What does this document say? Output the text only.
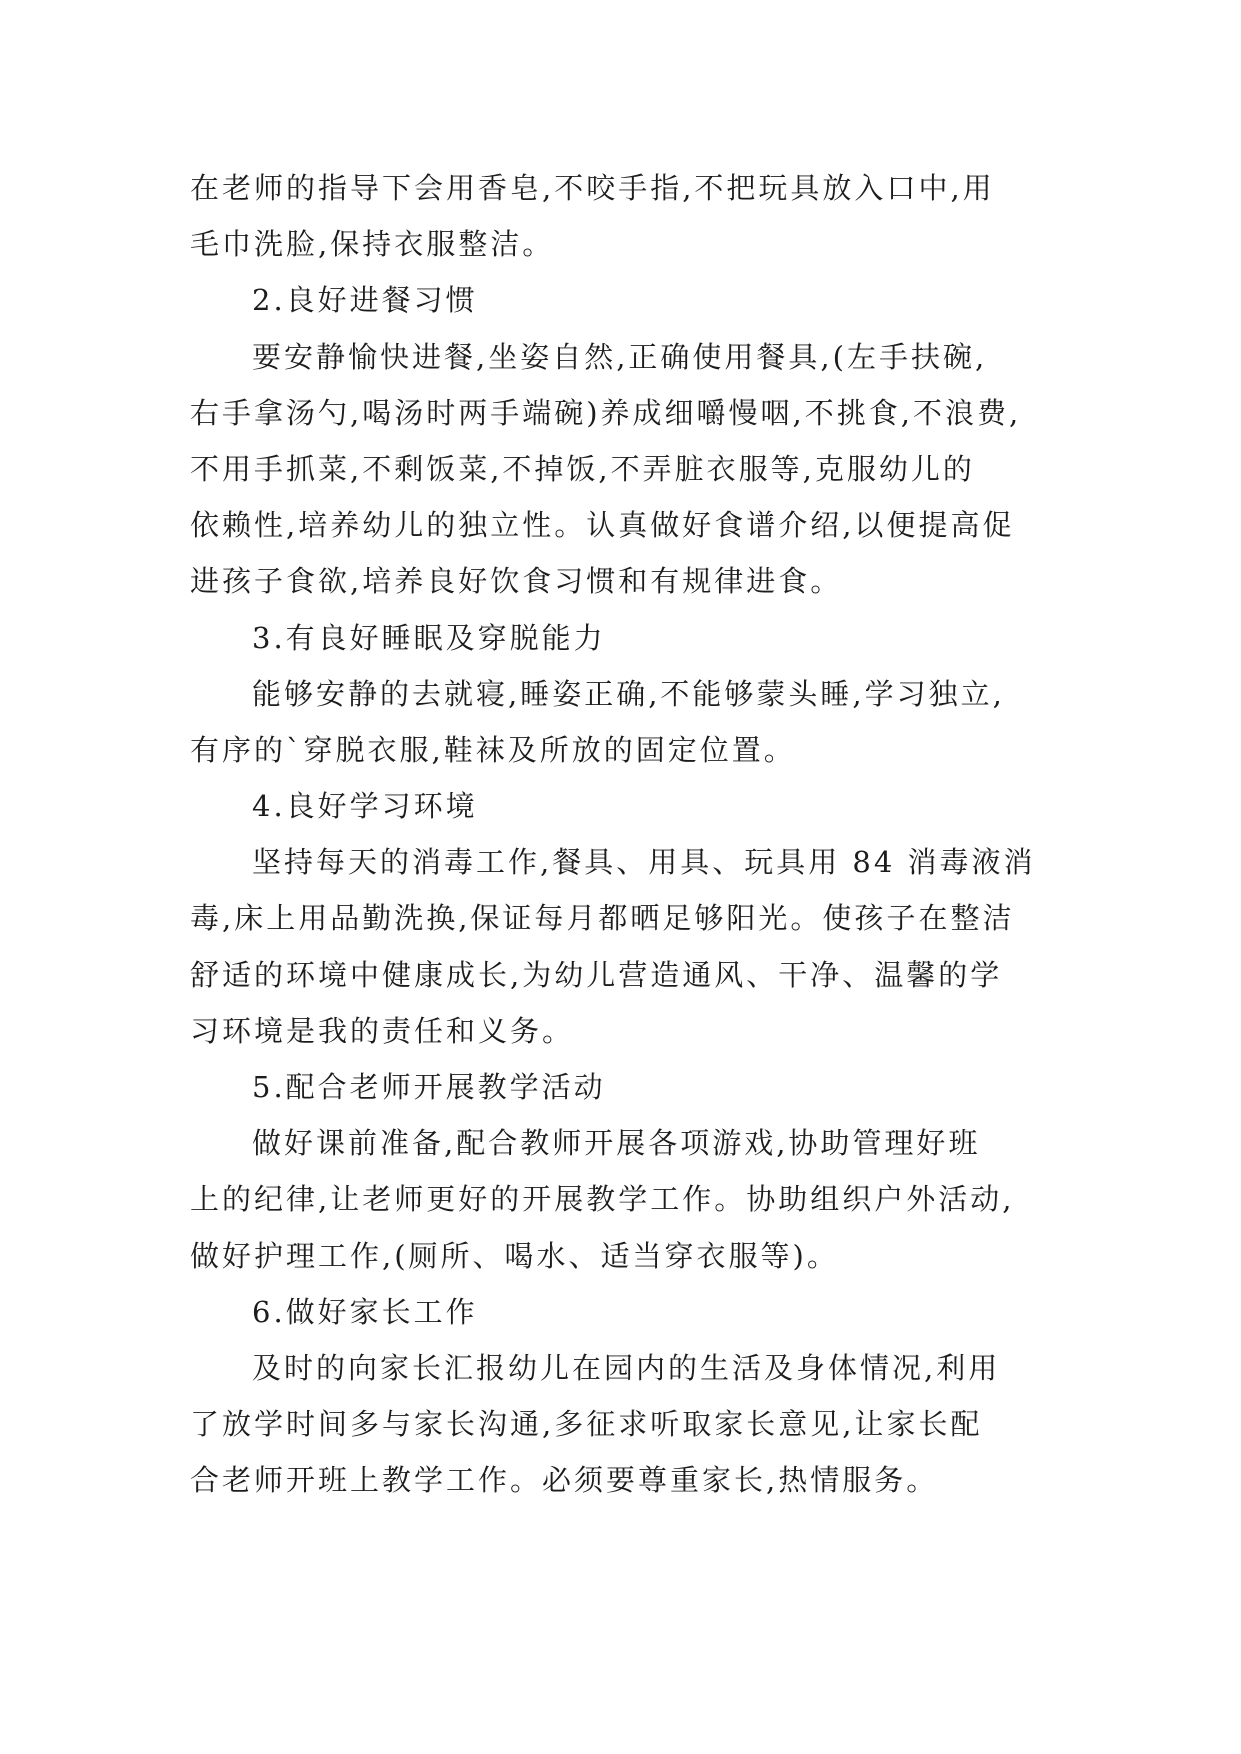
在老师的指导下会用香皂,不咬手指,不把玩具放入口中,用
毛巾洗脸,保持衣服整洁。
2.良好进餐习惯
要安静愉快进餐,坐姿自然,正确使用餐具,(左手扶碗,
右手拿汤勺,喝汤时两手端碗)养成细嚼慢咽,不挑食,不浪费,
不用手抓菜,不剩饭菜,不掉饭,不弄脏衣服等,克服幼儿的
依赖性,培养幼儿的独立性。认真做好食谱介绍,以便提高促
进孩子食欲,培养良好饮食习惯和有规律进食。
3.有良好睡眠及穿脱能力
能够安静的去就寝,睡姿正确,不能够蒙头睡,学习独立,
有序的`穿脱衣服,鞋袜及所放的固定位置。
4.良好学习环境
坚持每天的消毒工作,餐具、用具、玩具用 84 消毒液消
毒,床上用品勤洗换,保证每月都晒足够阳光。使孩子在整洁
舒适的环境中健康成长,为幼儿营造通风、干净、温馨的学
习环境是我的责任和义务。
5.配合老师开展教学活动
做好课前准备,配合教师开展各项游戏,协助管理好班
上的纪律,让老师更好的开展教学工作。协助组织户外活动,
做好护理工作,(厕所、喝水、适当穿衣服等)。
6.做好家长工作
及时的向家长汇报幼儿在园内的生活及身体情况,利用
了放学时间多与家长沟通,多征求听取家长意见,让家长配
合老师开班上教学工作。必须要尊重家长,热情服务。
